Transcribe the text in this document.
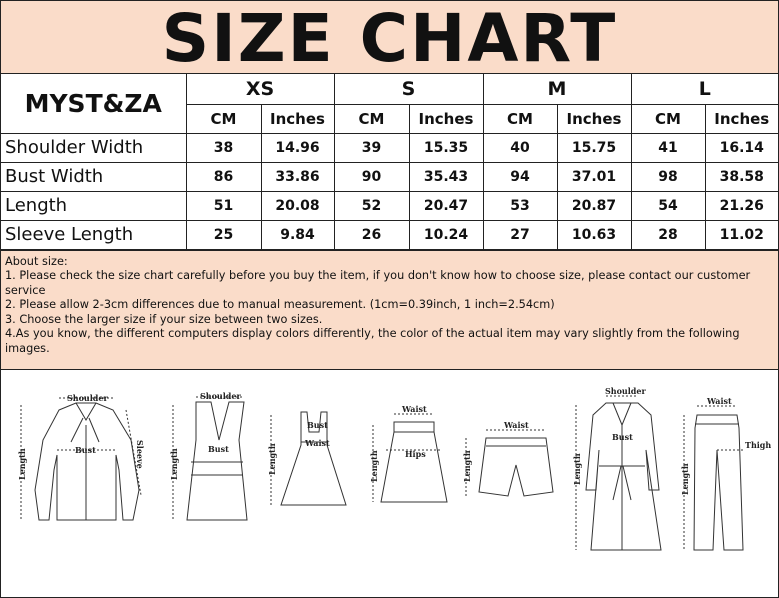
SIZE CHART
MYST&ZA	XS		S		M		L	
	CM	Inches	CM	Inches	CM	Inches	CM	Inches
Shoulder Width	38	14.96	39	15.35	40	15.75	41	16.14
Bust Width	86	33.86	90	35.43	94	37.01	98	38.58
Length	51	20.08	52	20.47	53	20.87	54	21.26
Sleeve Length	25	9.84	26	10.24	27	10.63	28	11.02

About size:

1. Please check the size chart carefully before you buy the item, if you don't know how to choose size, please contact our customer service

2. Please allow 2-3cm differences due to manual measurement. (1cm=0.39inch, 1 inch=2.54cm)

3. Choose the larger size if your size between two sizes.

4.As you know, the different computers display colors differently, the color of the actual item may vary slightly from the following images.

Shoulder
Bust
Length	Sleeve
Shoulder
Bust
Length
Bust
Waist
Length
Waist
Hips
Length
Waist
Length
Shoulder
Bust
Length
Waist
Thigh
Length
